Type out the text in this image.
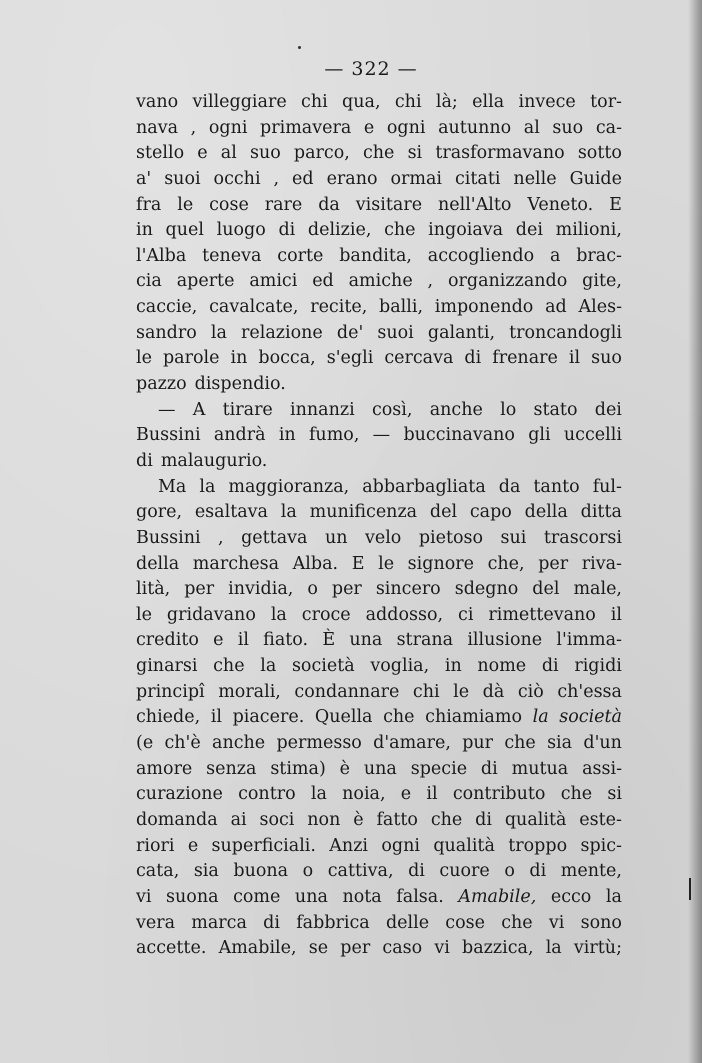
— 322 —
vano villeggiare chi qua, chi là; ella invece tor-
nava , ogni primavera e ogni autunno al suo ca-
stello e al suo parco, che si trasformavano sotto
a' suoi occhi , ed erano ormai citati nelle Guide
fra le cose rare da visitare nell'Alto Veneto. E
in quel luogo di delizie, che ingoiava dei milioni,
l'Alba teneva corte bandita, accogliendo a brac-
cia aperte amici ed amiche , organizzando gite,
caccie, cavalcate, recite, balli, imponendo ad Ales-
sandro la relazione de' suoi galanti, troncandogli
le parole in bocca, s'egli cercava di frenare il suo
pazzo dispendio.
— A tirare innanzi così, anche lo stato dei
Bussini andrà in fumo, — buccinavano gli uccelli
di malaugurio.
Ma la maggioranza, abbarbagliata da tanto ful-
gore, esaltava la munificenza del capo della ditta
Bussini , gettava un velo pietoso sui trascorsi
della marchesa Alba. E le signore che, per riva-
lità, per invidia, o per sincero sdegno del male,
le gridavano la croce addosso, ci rimettevano il
credito e il fiato. È una strana illusione l'imma-
ginarsi che la società voglia, in nome di rigidi
principî morali, condannare chi le dà ciò ch'essa
chiede, il piacere. Quella che chiamiamo la società
(e ch'è anche permesso d'amare, pur che sia d'un
amore senza stima) è una specie di mutua assi-
curazione contro la noia, e il contributo che si
domanda ai soci non è fatto che di qualità este-
riori e superficiali. Anzi ogni qualità troppo spic-
cata, sia buona o cattiva, di cuore o di mente,
vi suona come una nota falsa. Amabile, ecco la
vera marca di fabbrica delle cose che vi sono
accette. Amabile, se per caso vi bazzica, la virtù;
